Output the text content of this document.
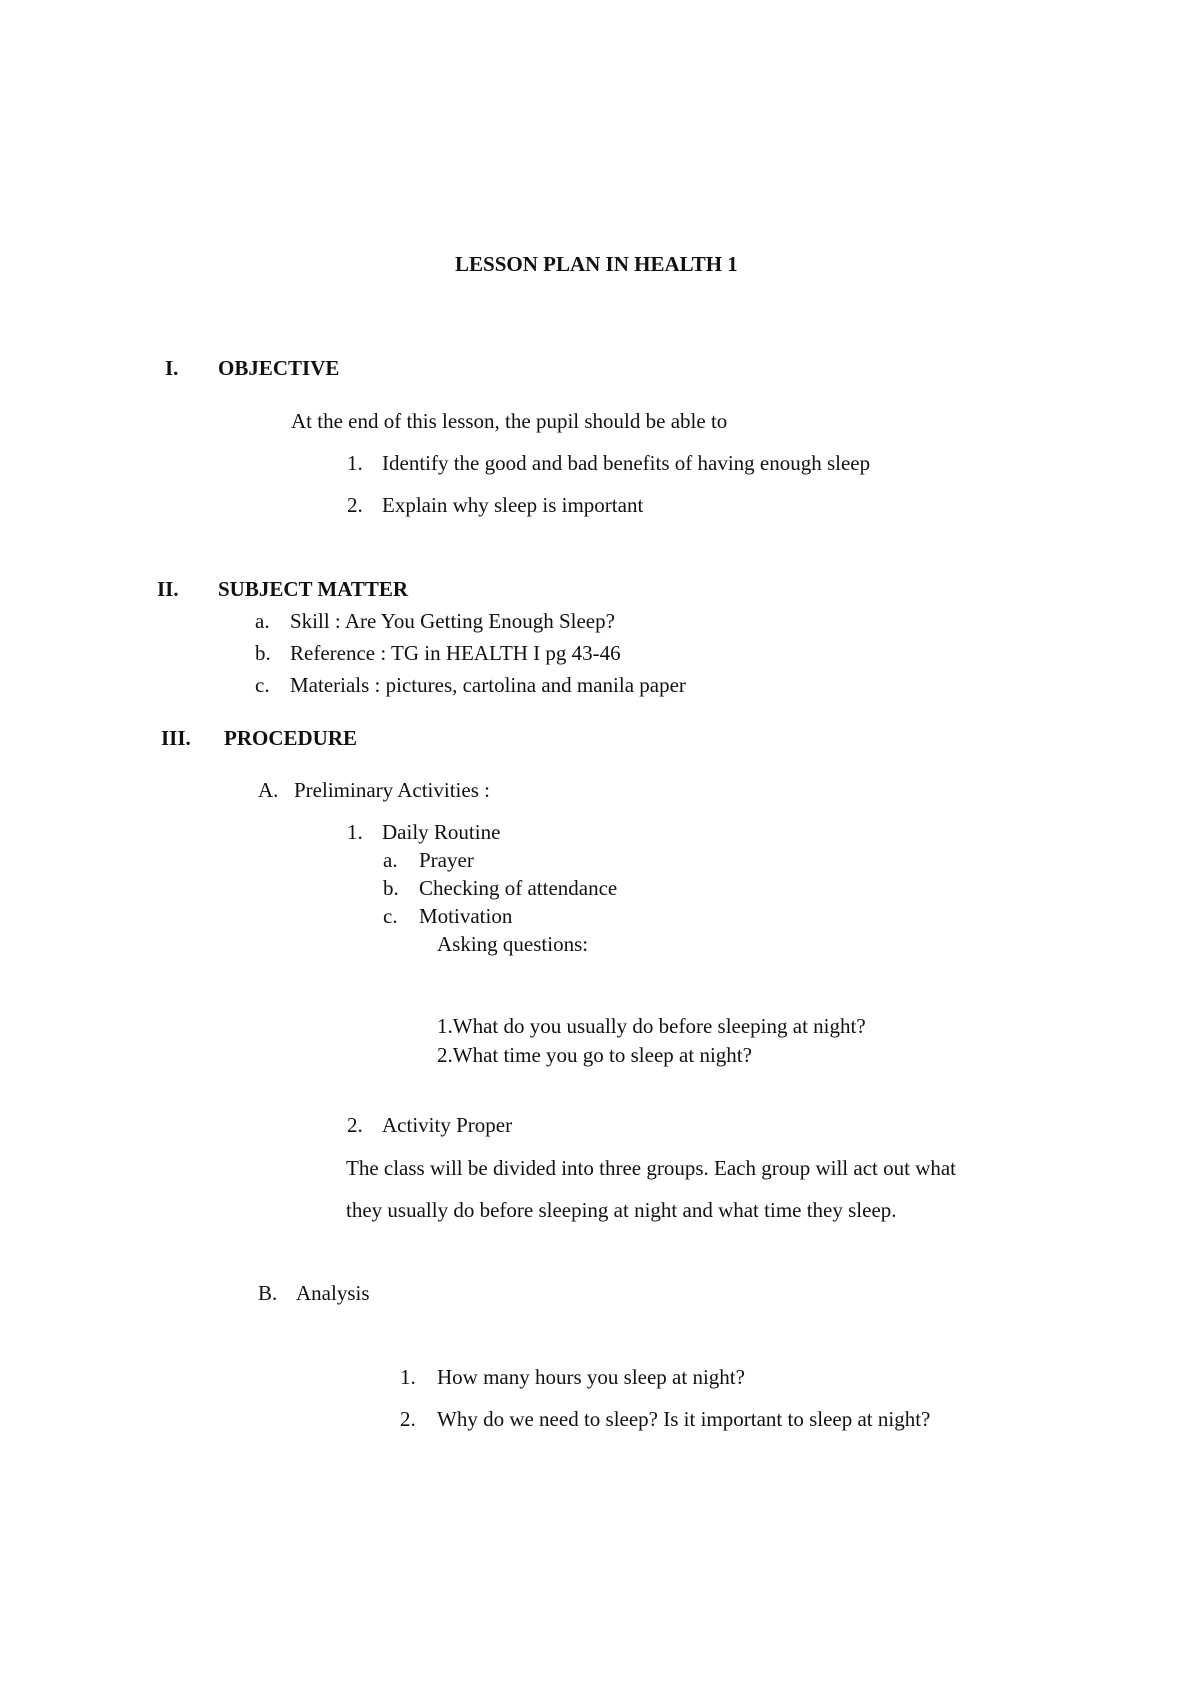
LESSON PLAN IN HEALTH 1
I. OBJECTIVE
At the end of this lesson, the pupil should be able to
1. Identify the good and bad benefits of having enough sleep
2. Explain why sleep is important
II. SUBJECT MATTER
a. Skill : Are You Getting Enough Sleep?
b. Reference : TG in HEALTH I pg 43-46
c. Materials : pictures, cartolina and manila paper
III. PROCEDURE
A. Preliminary Activities :
1. Daily Routine
a. Prayer
b. Checking of attendance
c. Motivation
Asking questions:
1.What do you usually do before sleeping at night?
2.What time you go to sleep at night?
2. Activity Proper
The class will be divided into three groups. Each group will act out what
they usually do before sleeping at night and what time they sleep.
B. Analysis
1. How many hours you sleep at night?
2. Why do we need to sleep? Is it important to sleep at night?
